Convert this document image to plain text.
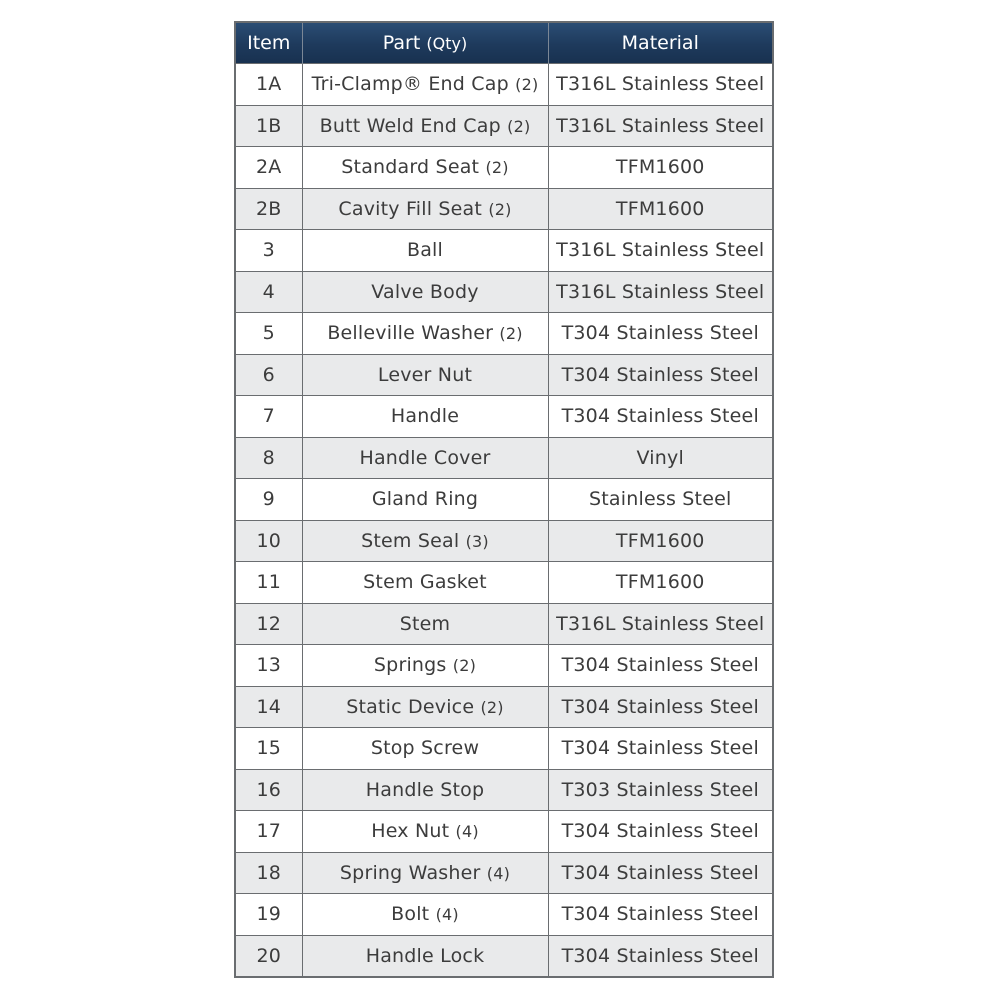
Item	Part (Qty)	Material
1A	Tri-Clamp® End Cap (2)	T316L Stainless Steel
1B	Butt Weld End Cap (2)	T316L Stainless Steel
2A	Standard Seat (2)	TFM1600
2B	Cavity Fill Seat (2)	TFM1600
3	Ball	T316L Stainless Steel
4	Valve Body	T316L Stainless Steel
5	Belleville Washer (2)	T304 Stainless Steel
6	Lever Nut	T304 Stainless Steel
7	Handle	T304 Stainless Steel
8	Handle Cover	Vinyl
9	Gland Ring	Stainless Steel
10	Stem Seal (3)	TFM1600
11	Stem Gasket	TFM1600
12	Stem	T316L Stainless Steel
13	Springs (2)	T304 Stainless Steel
14	Static Device (2)	T304 Stainless Steel
15	Stop Screw	T304 Stainless Steel
16	Handle Stop	T303 Stainless Steel
17	Hex Nut (4)	T304 Stainless Steel
18	Spring Washer (4)	T304 Stainless Steel
19	Bolt (4)	T304 Stainless Steel
20	Handle Lock	T304 Stainless Steel
